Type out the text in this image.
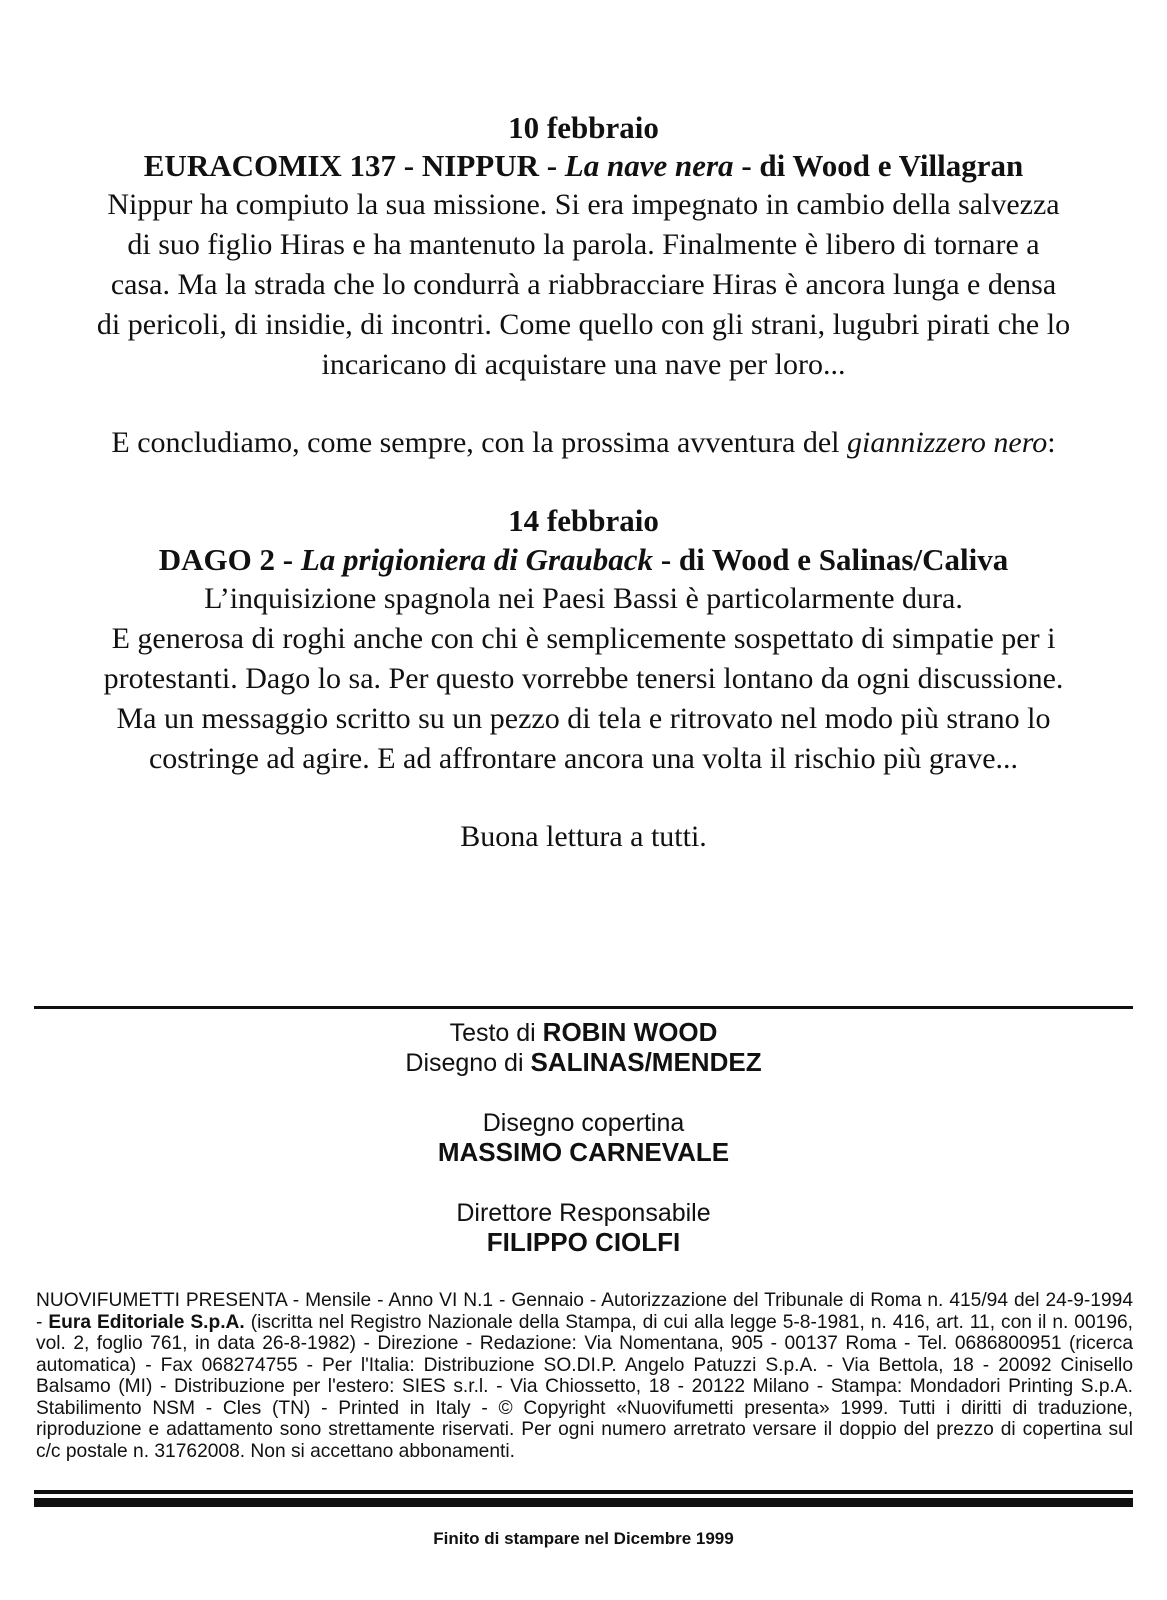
10 febbraio
EURACOMIX 137 - NIPPUR - La nave nera - di Wood e Villagran
Nippur ha compiuto la sua missione. Si era impegnato in cambio della salvezza
di suo figlio Hiras e ha mantenuto la parola. Finalmente è libero di tornare a
casa. Ma la strada che lo condurrà a riabbracciare Hiras è ancora lunga e densa
di pericoli, di insidie, di incontri. Come quello con gli strani, lugubri pirati che lo
incaricano di acquistare una nave per loro...
E concludiamo, come sempre, con la prossima avventura del giannizzero nero:
14 febbraio
DAGO 2 - La prigioniera di Grauback - di Wood e Salinas/Caliva
L’inquisizione spagnola nei Paesi Bassi è particolarmente dura.
E generosa di roghi anche con chi è semplicemente sospettato di simpatie per i
protestanti. Dago lo sa. Per questo vorrebbe tenersi lontano da ogni discussione.
Ma un messaggio scritto su un pezzo di tela e ritrovato nel modo più strano lo
costringe ad agire. E ad affrontare ancora una volta il rischio più grave...
Buona lettura a tutti.
Testo di ROBIN WOOD
Disegno di SALINAS/MENDEZ
Disegno copertina
MASSIMO CARNEVALE
Direttore Responsabile
FILIPPO CIOLFI
NUOVIFUMETTI PRESENTA - Mensile - Anno VI N.1 - Gennaio - Autorizzazione del Tribunale di Roma n. 415/94 del 24-9-1994 - Eura Editoriale S.p.A. (iscritta nel Registro Nazionale della Stampa, di cui alla legge 5-8-1981, n. 416, art. 11, con il n. 00196, vol. 2, foglio 761, in data 26-8-1982) - Direzione - Redazione: Via Nomentana, 905 - 00137 Roma - Tel. 0686800951 (ricerca automatica) - Fax 068274755 - Per l'Italia: Distribuzione SO.DI.P. Angelo Patuzzi S.p.A. - Via Bettola, 18 - 20092 Cinisello Balsamo (MI) - Distribuzione per l'estero: SIES s.r.l. - Via Chiossetto, 18 - 20122 Milano - Stampa: Mondadori Printing S.p.A. Stabilimento NSM - Cles (TN) - Printed in Italy - © Copyright «Nuovifumetti presenta» 1999. Tutti i diritti di traduzione, riproduzione e adattamento sono strettamente riservati. Per ogni numero arretrato versare il doppio del prezzo di copertina sul c/c postale n. 31762008. Non si accettano abbonamenti.
Finito di stampare nel Dicembre 1999
